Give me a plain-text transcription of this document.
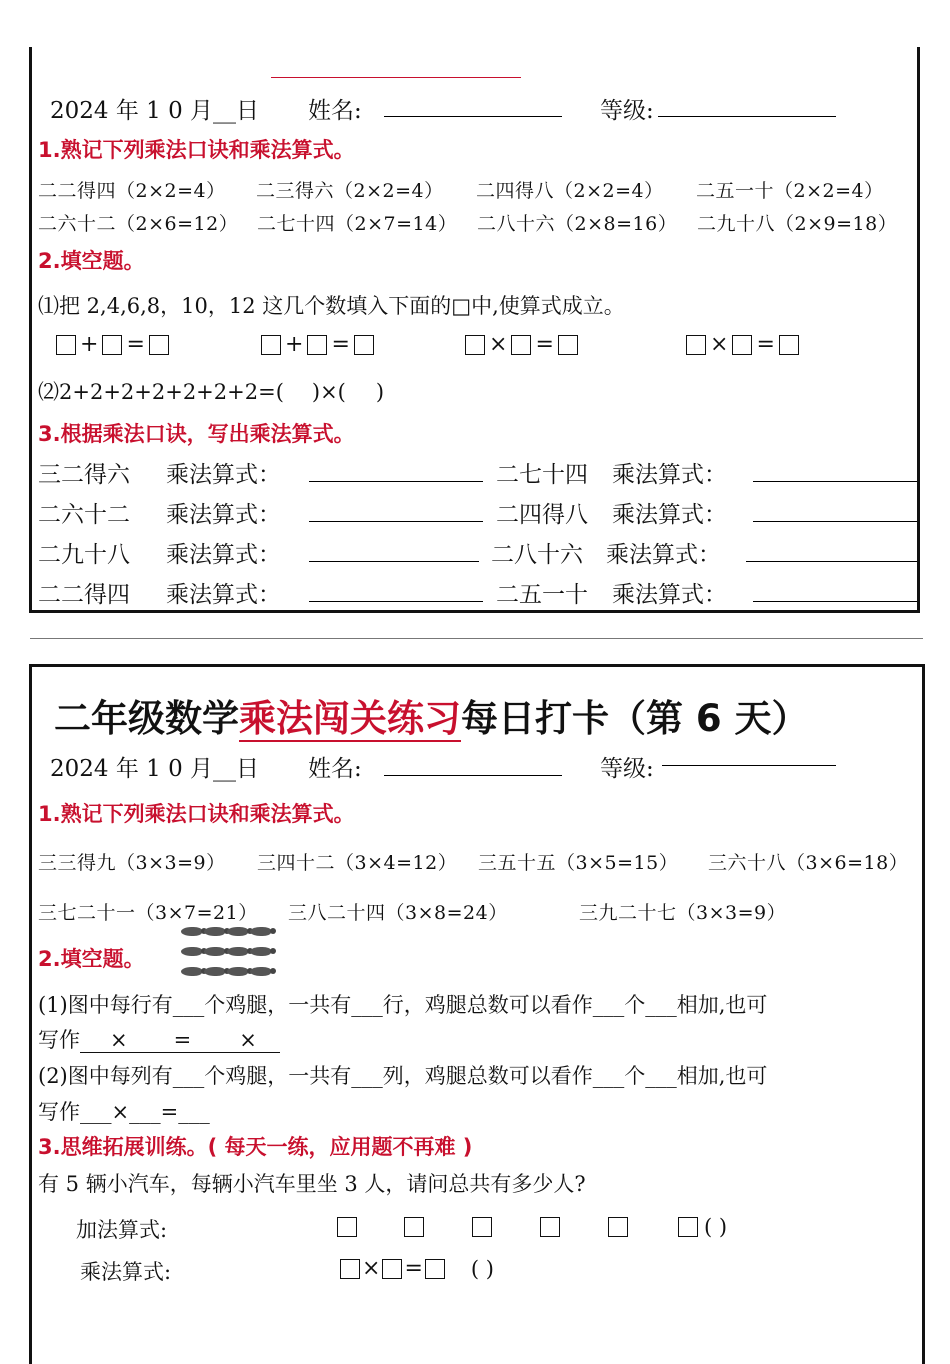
2024 年 1 0 月__日 姓名:	等级:
1.熟记下列乘法口诀和乘法算式。
二二得四（2×2=4） 二三得六（2×2=4） 二四得八（2×2=4） 二五一十（2×2=4）
二六十二（2×6=12） 二七十四（2×7=14） 二八十六（2×8=16） 二九十八（2×9=18）
2.填空题。
⑴把 2,4,6,8，10，12 这几个数填入下面的□中,使算式成立。
+ =	+ =	× =	× =
⑵2+2+2+2+2+2+2=( )×( )
3.根据乘法口诀，写出乘法算式。
三二得六 乘法算式：	二七十四 乘法算式：
二六十二 乘法算式：	二四得八 乘法算式：
二九十八 乘法算式：	二八十六 乘法算式：
二二得四 乘法算式：	二五一十 乘法算式：
二年级数学乘法闯关练习每日打卡（第 6 天）
2024 年 1 0 月__日 姓名:	等级:
1.熟记下列乘法口诀和乘法算式。
三三得九（3×3=9） 三四十二（3×4=12） 三五十五（3×5=15） 三六十八（3×6=18）
三七二十一（3×7=21） 三八二十四（3×8=24）	三九二十七（3×3=9）
2.填空题。
(1)图中每行有___个鸡腿，一共有___行，鸡腿总数可以看作___个___相加,也可
写作 × = ×
(2)图中每列有___个鸡腿，一共有___列，鸡腿总数可以看作___个___相加,也可
写作___×___=___
3.思维拓展训练。( 每天一练，应用题不再难 )
有 5 辆小汽车，每辆小汽车里坐 3 人，请问总共有多少人?
加法算式:	( )
乘法算式:	× = ( )
